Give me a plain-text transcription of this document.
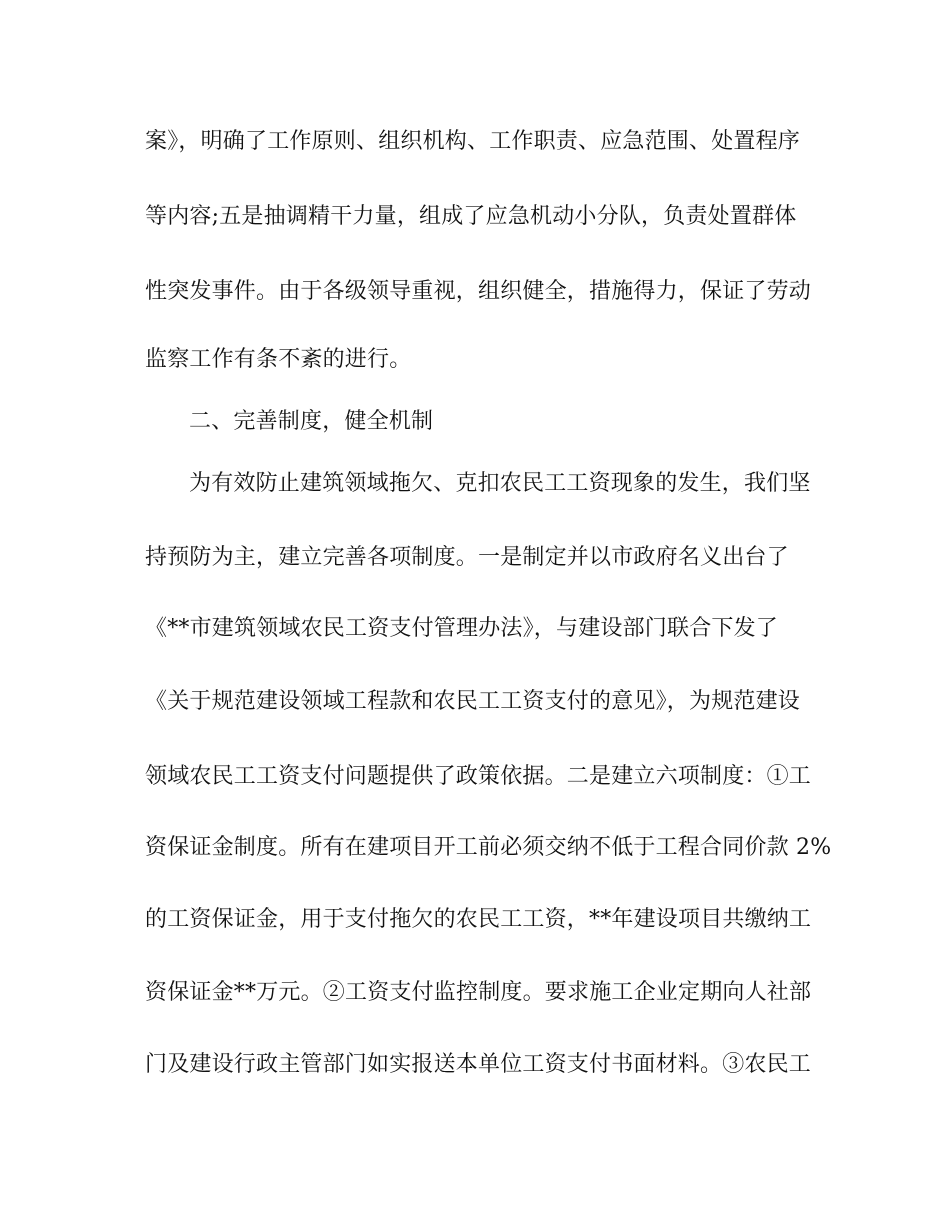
案》，明确了工作原则、组织机构、工作职责、应急范围、处置程序
等内容;五是抽调精干力量，组成了应急机动小分队，负责处置群体
性突发事件。由于各级领导重视，组织健全，措施得力，保证了劳动
监察工作有条不紊的进行。
二、完善制度，健全机制
为有效防止建筑领域拖欠、克扣农民工工资现象的发生，我们坚
持预防为主，建立完善各项制度。一是制定并以市政府名义出台了
《**市建筑领域农民工资支付管理办法》，与建设部门联合下发了
《关于规范建设领域工程款和农民工工资支付的意见》，为规范建设
领域农民工工资支付问题提供了政策依据。二是建立六项制度：①工
资保证金制度。所有在建项目开工前必须交纳不低于工程合同价款 2%
的工资保证金，用于支付拖欠的农民工工资，**年建设项目共缴纳工
资保证金**万元。②工资支付监控制度。要求施工企业定期向人社部
门及建设行政主管部门如实报送本单位工资支付书面材料。③农民工
